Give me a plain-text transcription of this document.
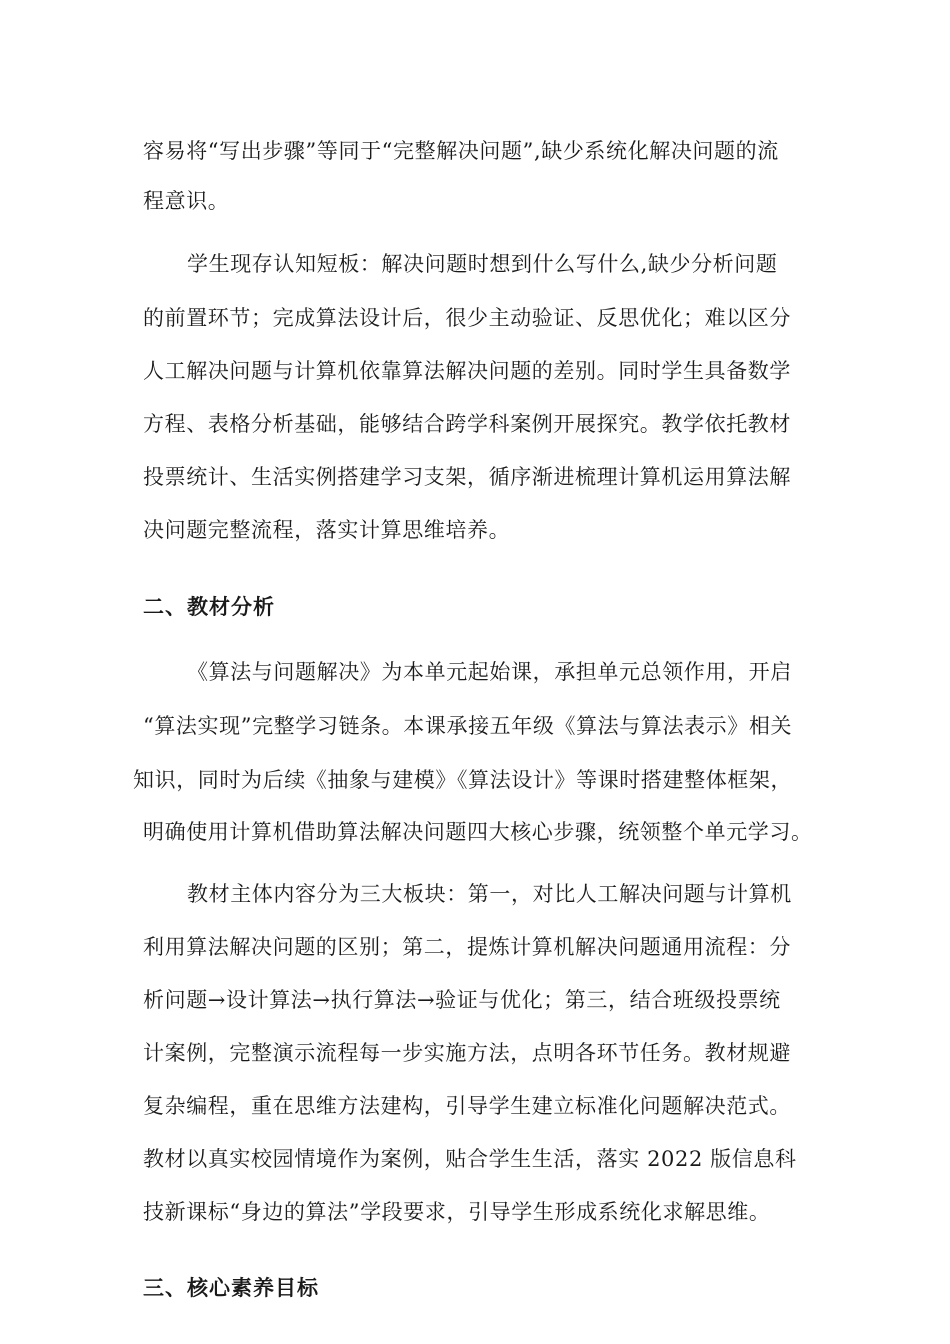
容易将“写出步骤”等同于“完整解决问题”,缺少系统化解决问题的流
程意识。
学生现存认知短板：解决问题时想到什么写什么,缺少分析问题
的前置环节；完成算法设计后，很少主动验证、反思优化；难以区分
人工解决问题与计算机依靠算法解决问题的差别。同时学生具备数学
方程、表格分析基础，能够结合跨学科案例开展探究。教学依托教材
投票统计、生活实例搭建学习支架，循序渐进梳理计算机运用算法解
决问题完整流程，落实计算思维培养。
二、教材分析
《算法与问题解决》为本单元起始课，承担单元总领作用，开启
“算法实现”完整学习链条。本课承接五年级《算法与算法表示》相关
知识，同时为后续《抽象与建模》《算法设计》等课时搭建整体框架，
明确使用计算机借助算法解决问题四大核心步骤，统领整个单元学习。
教材主体内容分为三大板块：第一，对比人工解决问题与计算机
利用算法解决问题的区别；第二，提炼计算机解决问题通用流程：分
析问题→设计算法→执行算法→验证与优化；第三，结合班级投票统
计案例，完整演示流程每一步实施方法，点明各环节任务。教材规避
复杂编程，重在思维方法建构，引导学生建立标准化问题解决范式。
教材以真实校园情境作为案例，贴合学生生活，落实 2022 版信息科
技新课标“身边的算法”学段要求，引导学生形成系统化求解思维。
三、核心素养目标
